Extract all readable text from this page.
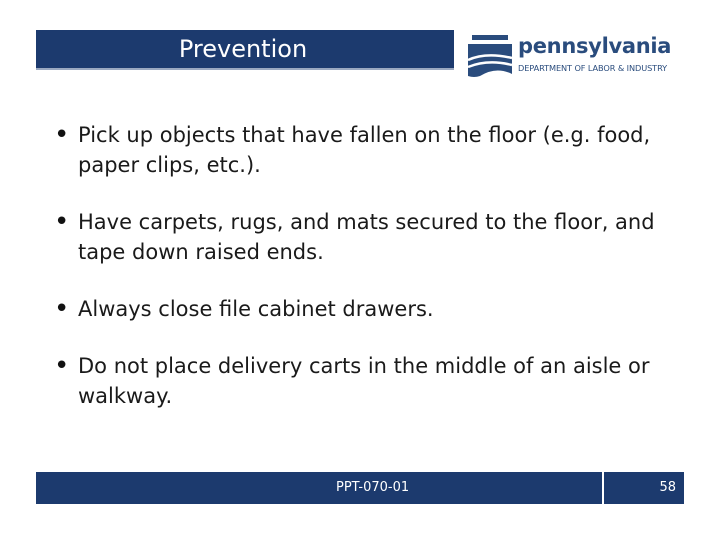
Prevention	pennsylvania
DEPARTMENT OF LABOR & INDUSTRY
• Pick up objects that have fallen on the floor (e.g. food, paper clips, etc.).
• Have carpets, rugs, and mats secured to the floor, and tape down raised ends.
• Always close file cabinet drawers.
• Do not place delivery carts in the middle of an aisle or walkway.
PPT-070-01	58
